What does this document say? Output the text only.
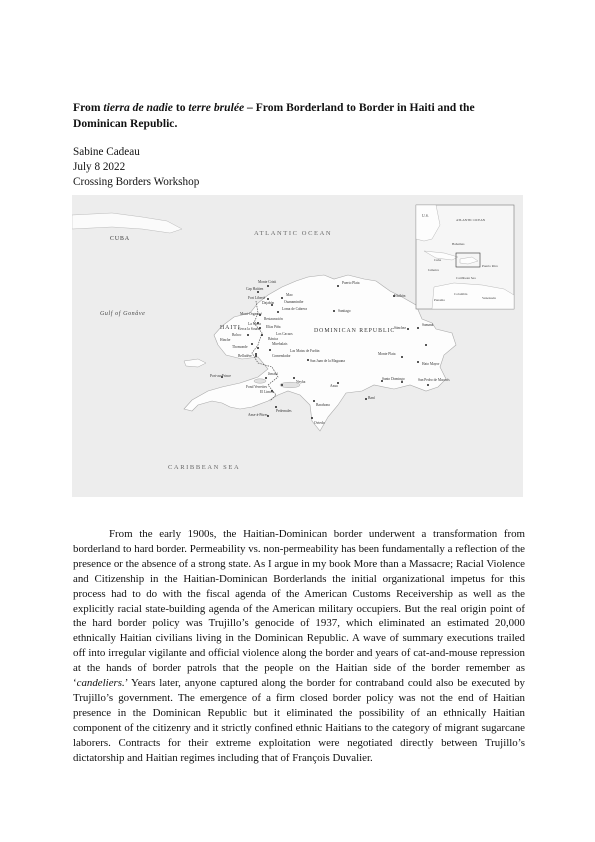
From tierra de nadie to terre brulée – From Borderland to Border in Haiti and the Dominican Republic.
Sabine Cadeau
July 8 2022
Crossing Borders Workshop
ATLANTIC OCEAN
CARIBBEAN SEA
Gulf of Gonâve
CUBA
HAITI	DOMINICAN REPUBLIC
Monte Cristi
Cap Haïtien
Fort Liberté
Mao
Dajabón	Ouanaminthe
Loma de Cabrera	Santiago
Puerto Plata
Mont-Organisé
Restauración
La Moca
Cerca la Source Elías Piña
Bohoc	Los Cacaos
Hinche
Thomonde
Mirebalais
Bánica
Las Matas de Farfán
Comendador
Belladère
San Juan de la Maguana
Port-au-Prince
Fond Verrettes
Jimaní
El Limón
Neyba
Azua
Barahona
Pedernales
Anse-à-Pitres
Oviedo
Samaná
Sánchez
Nisibón
Monte Plata
Hato Mayor
Santo Domingo	San Pedro de Macorís
Baní
U.S.
ATLANTIC OCEAN
Bahamas
Cuba
Jamaica
Puerto Rico
Caribbean Sea
Colombia
Venezuela
Panama

From the early 1900s, the Haitian-Dominican border underwent a transformation from borderland to hard border. Permeability vs. non-permeability has been fundamentally a reflection of the presence or the absence of a strong state. As I argue in my book More than a Massacre; Racial Violence and Citizenship in the Haitian-Dominican Borderlands the initial organizational impetus for this process had to do with the fiscal agenda of the American Customs Receivership as well as the explicitly racial state-building agenda of the American military occupiers. But the real origin point of the hard border policy was Trujillo’s genocide of 1937, which eliminated an estimated 20,000 ethnically Haitian civilians living in the Dominican Republic. A wave of summary executions trailed off into irregular vigilante and official violence along the border and years of cat-and-mouse repression at the hands of border patrols that the people on the Haitian side of the border remember as ‘candeliers.’ Years later, anyone captured along the border for contraband could also be executed by Trujillo’s government. The emergence of a firm closed border policy was not the end of Haitian presence in the Dominican Republic but it eliminated the possibility of an ethnically Haitian component of the citizenry and it strictly confined ethnic Haitians to the category of migrant sugarcane laborers. Contracts for their extreme exploitation were negotiated directly between Trujillo’s dictatorship and Haitian regimes including that of François Duvalier.
